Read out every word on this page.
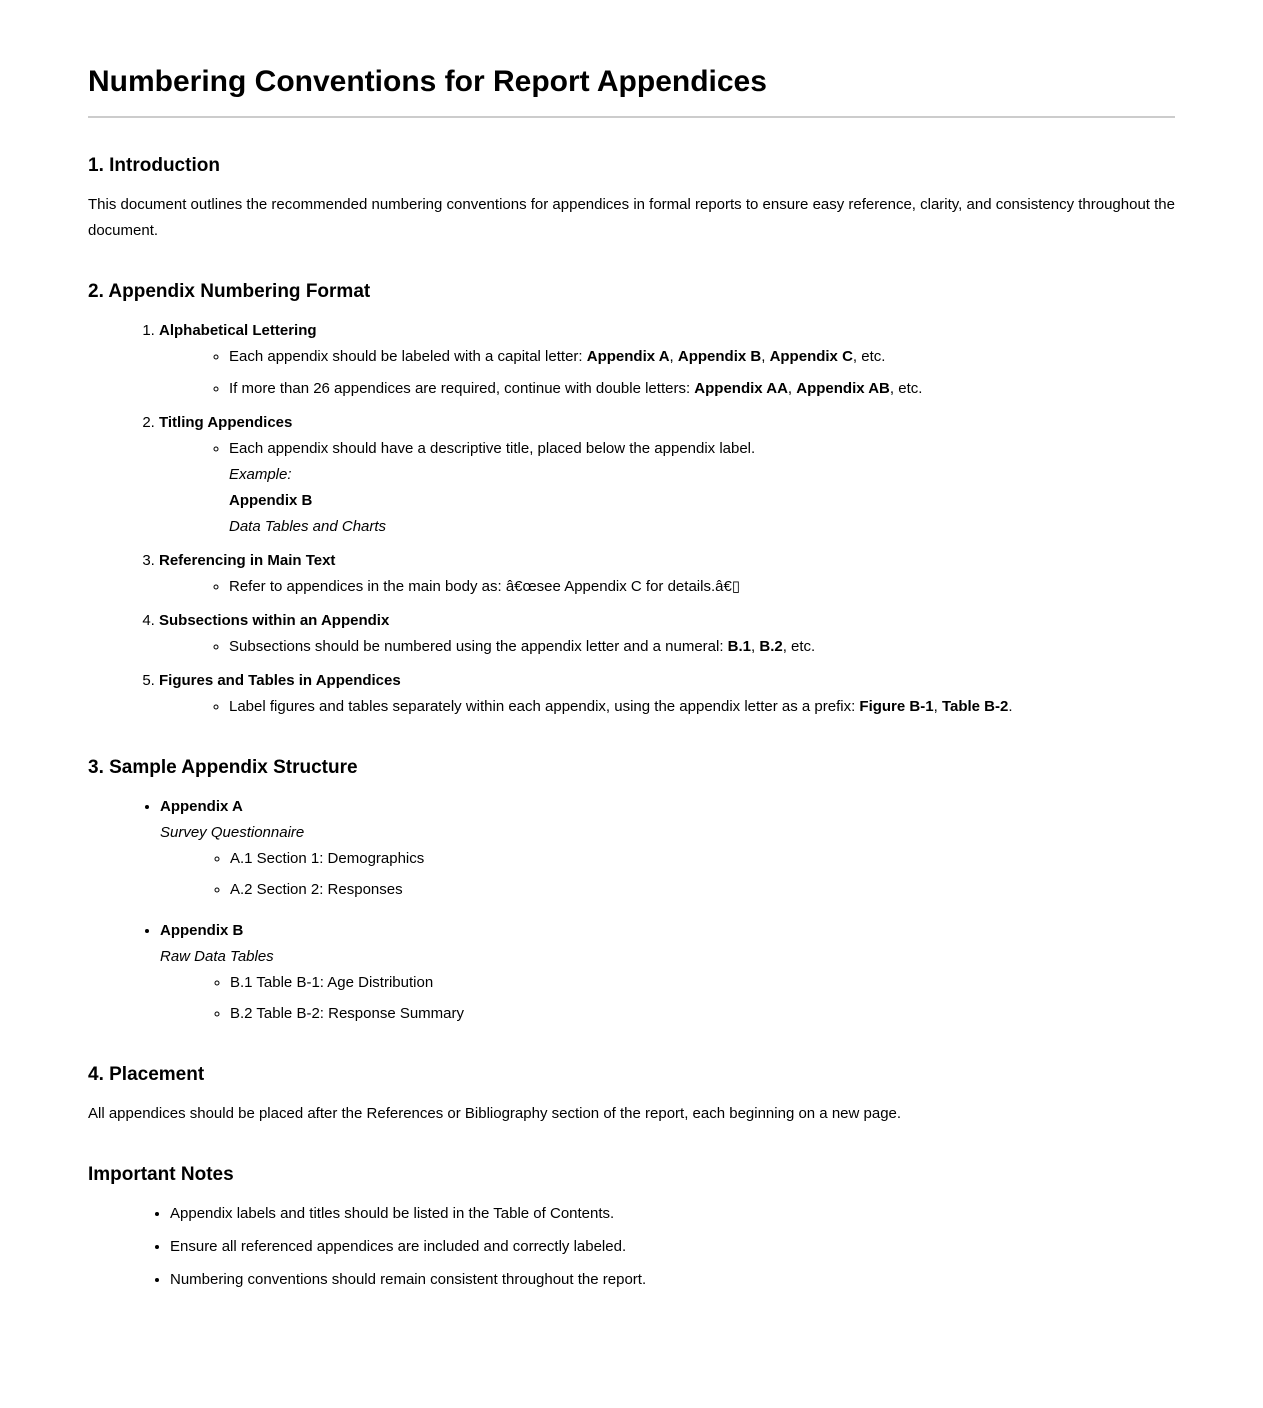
Numbering Conventions for Report Appendices
1. Introduction

This document outlines the recommended numbering conventions for appendices in formal reports to ensure easy reference, clarity, and consistency throughout the document.

2. Appendix Numbering Format
1. Alphabetical Lettering
◦ Each appendix should be labeled with a capital letter: Appendix A, Appendix B, Appendix C, etc.
◦ If more than 26 appendices are required, continue with double letters: Appendix AA, Appendix AB, etc.
2. Titling Appendices
◦ Each appendix should have a descriptive title, placed below the appendix label.
Example:
Appendix B
Data Tables and Charts
3. Referencing in Main Text
◦ Refer to appendices in the main body as: â€œsee Appendix C for details.â€▯
4. Subsections within an Appendix
◦ Subsections should be numbered using the appendix letter and a numeral: B.1, B.2, etc.
5. Figures and Tables in Appendices
◦ Label figures and tables separately within each appendix, using the appendix letter as a prefix: Figure B-1, Table B-2.
3. Sample Appendix Structure
• Appendix A
Survey Questionnaire
◦ A.1 Section 1: Demographics
◦ A.2 Section 2: Responses
• Appendix B
Raw Data Tables
◦ B.1 Table B-1: Age Distribution
◦ B.2 Table B-2: Response Summary
4. Placement

All appendices should be placed after the References or Bibliography section of the report, each beginning on a new page.

Important Notes
• Appendix labels and titles should be listed in the Table of Contents.
• Ensure all referenced appendices are included and correctly labeled.
• Numbering conventions should remain consistent throughout the report.
